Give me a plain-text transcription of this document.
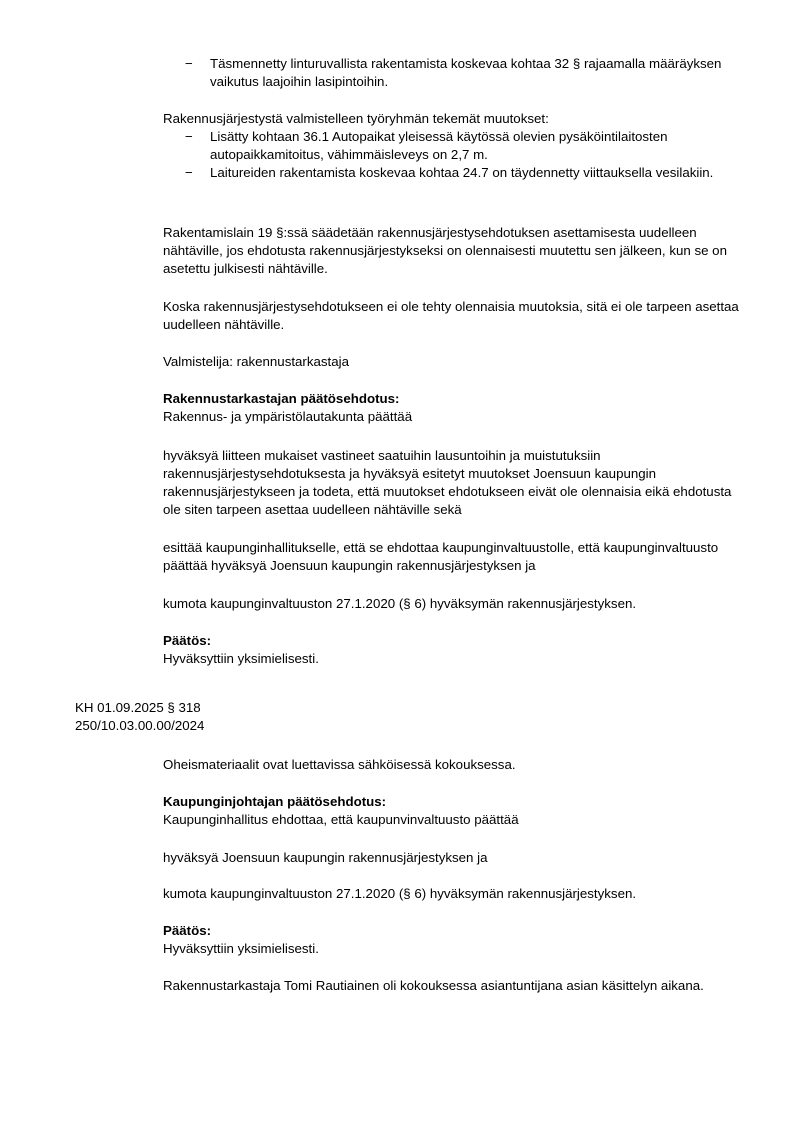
− Täsmennetty linturuvallista rakentamista koskevaa kohtaa 32 § rajaamalla määräyksen vaikutus laajoihin lasipintoihin.

Rakennusjärjestystä valmistelleen työryhmän tekemät muutokset:

− Lisätty kohtaan 36.1 Autopaikat yleisessä käytössä olevien pysäköintilaitosten autopaikkamitoitus, vähimmäisleveys on 2,7 m.
− Laitureiden rakentamista koskevaa kohtaa 24.7 on täydennetty viittauksella vesilakiin.

Rakentamislain 19 §:ssä säädetään rakennusjärjestysehdotuksen asettamisesta uudelleen nähtäville, jos ehdotusta rakennusjärjestykseksi on olennaisesti muutettu sen jälkeen, kun se on asetettu julkisesti nähtäville.

Koska rakennusjärjestysehdotukseen ei ole tehty olennaisia muutoksia, sitä ei ole tarpeen asettaa uudelleen nähtäville.

Valmistelija: rakennustarkastaja

Rakennustarkastajan päätösehdotus:

Rakennus- ja ympäristölautakunta päättää

hyväksyä liitteen mukaiset vastineet saatuihin lausuntoihin ja muistutuksiin rakennusjärjestysehdotuksesta ja hyväksyä esitetyt muutokset Joensuun kaupungin rakennusjärjestykseen ja todeta, että muutokset ehdotukseen eivät ole olennaisia eikä ehdotusta ole siten tarpeen asettaa uudelleen nähtäville sekä

esittää kaupunginhallitukselle, että se ehdottaa kaupunginvaltuustolle, että kaupunginvaltuusto päättää hyväksyä Joensuun kaupungin rakennusjärjestyksen ja

kumota kaupunginvaltuuston 27.1.2020 (§ 6) hyväksymän rakennusjärjestyksen.

Päätös:

Hyväksyttiin yksimielisesti.

KH 01.09.2025 § 318

250/10.03.00.00/2024

Oheismateriaalit ovat luettavissa sähköisessä kokouksessa.

Kaupunginjohtajan päätösehdotus:

Kaupunginhallitus ehdottaa, että kaupunvinvaltuusto päättää

hyväksyä Joensuun kaupungin rakennusjärjestyksen ja

kumota kaupunginvaltuuston 27.1.2020 (§ 6) hyväksymän rakennusjärjestyksen.

Päätös:

Hyväksyttiin yksimielisesti.

Rakennustarkastaja Tomi Rautiainen oli kokouksessa asiantuntijana asian käsittelyn aikana.
